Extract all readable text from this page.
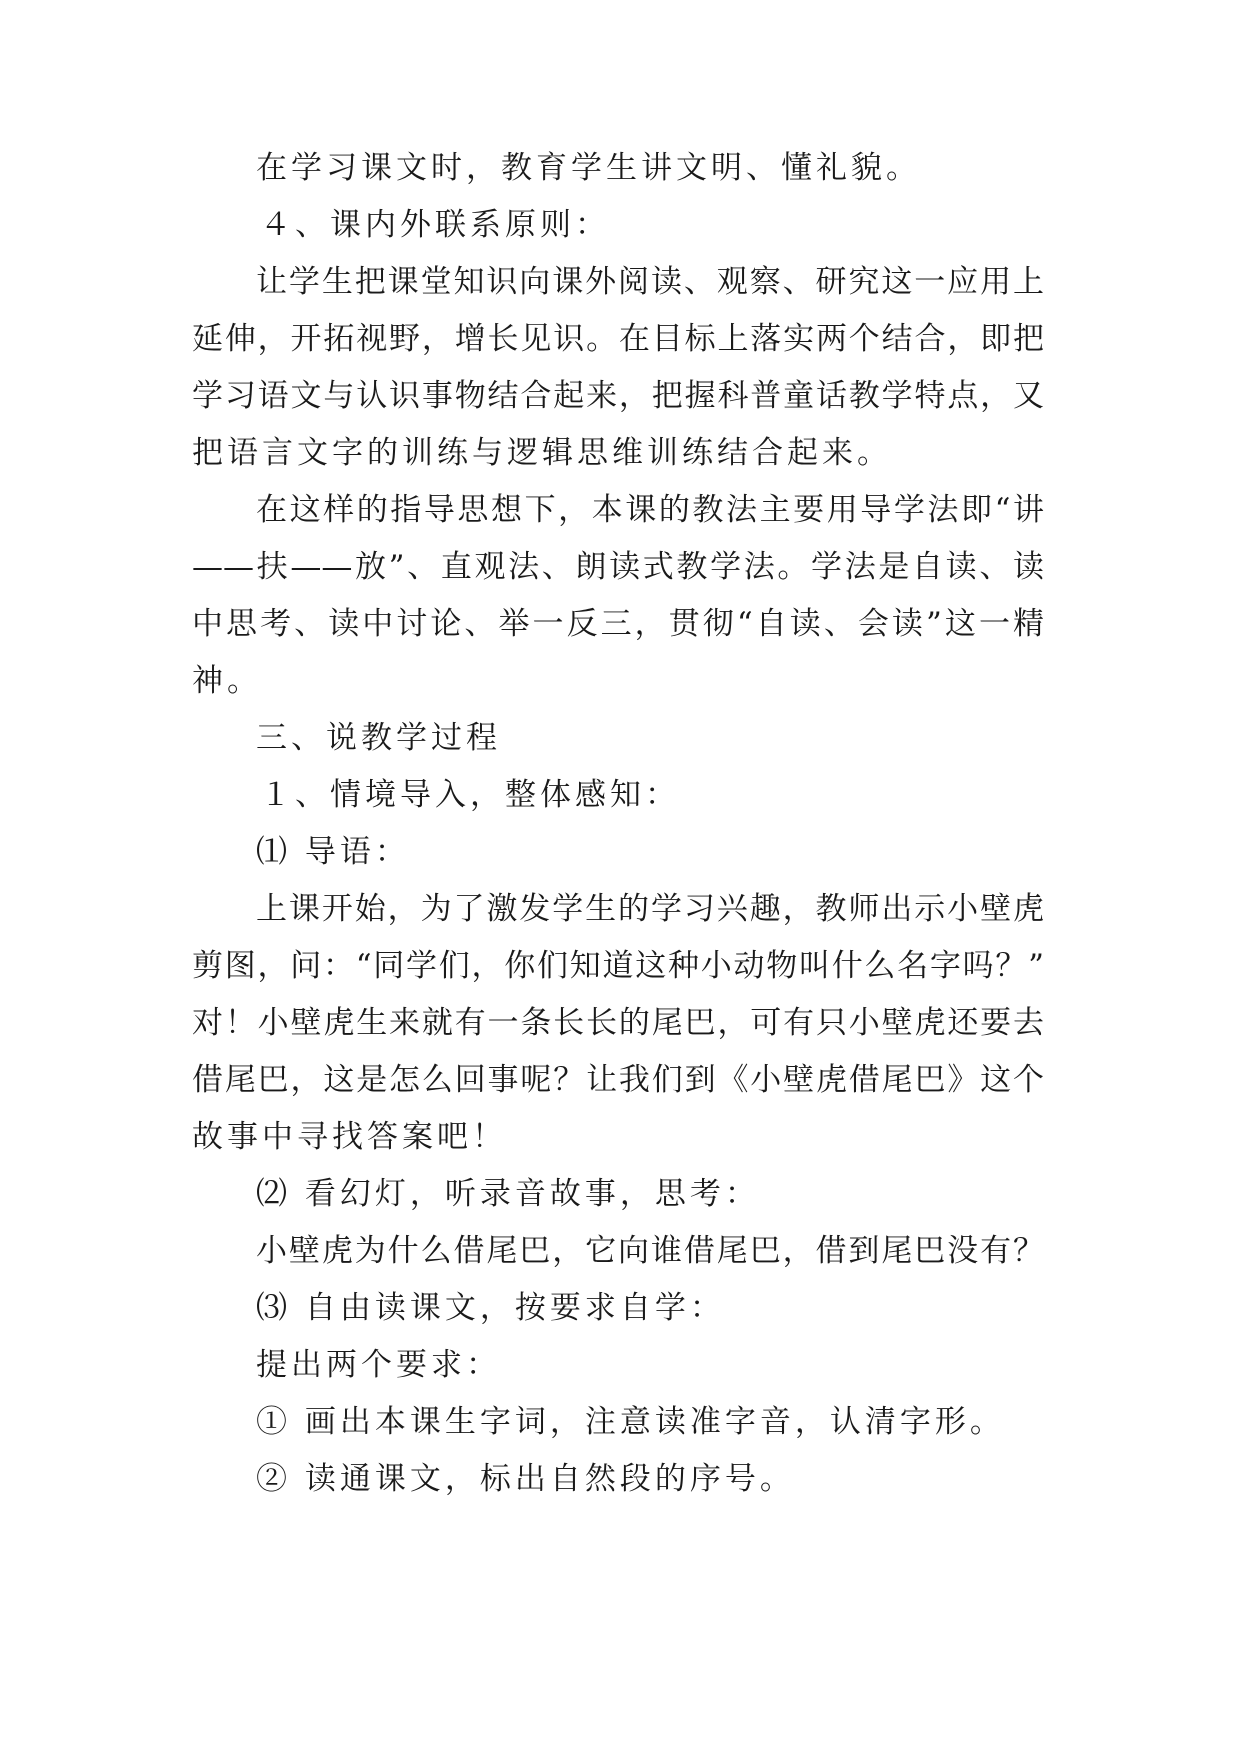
在学习课文时，教育学生讲文明、懂礼貌。
４、课内外联系原则：
让学生把课堂知识向课外阅读、观察、研究这一应用上
延伸，开拓视野，增长见识。在目标上落实两个结合，即把
学习语文与认识事物结合起来，把握科普童话教学特点，又
把语言文字的训练与逻辑思维训练结合起来。
在这样的指导思想下，本课的教法主要用导学法即“讲
——扶——放”、直观法、朗读式教学法。学法是自读、读
中思考、读中讨论、举一反三，贯彻“自读、会读”这一精
神。
三、说教学过程
１、情境导入，整体感知：
⑴ 导语：
上课开始，为了激发学生的学习兴趣，教师出示小壁虎
剪图，问：“同学们，你们知道这种小动物叫什么名字吗？”
对！小壁虎生来就有一条长长的尾巴，可有只小壁虎还要去
借尾巴，这是怎么回事呢？让我们到《小壁虎借尾巴》这个
故事中寻找答案吧！
⑵ 看幻灯，听录音故事，思考：
小壁虎为什么借尾巴，它向谁借尾巴，借到尾巴没有？
⑶ 自由读课文，按要求自学：
提出两个要求：
① 画出本课生字词，注意读准字音，认清字形。
② 读通课文，标出自然段的序号。
